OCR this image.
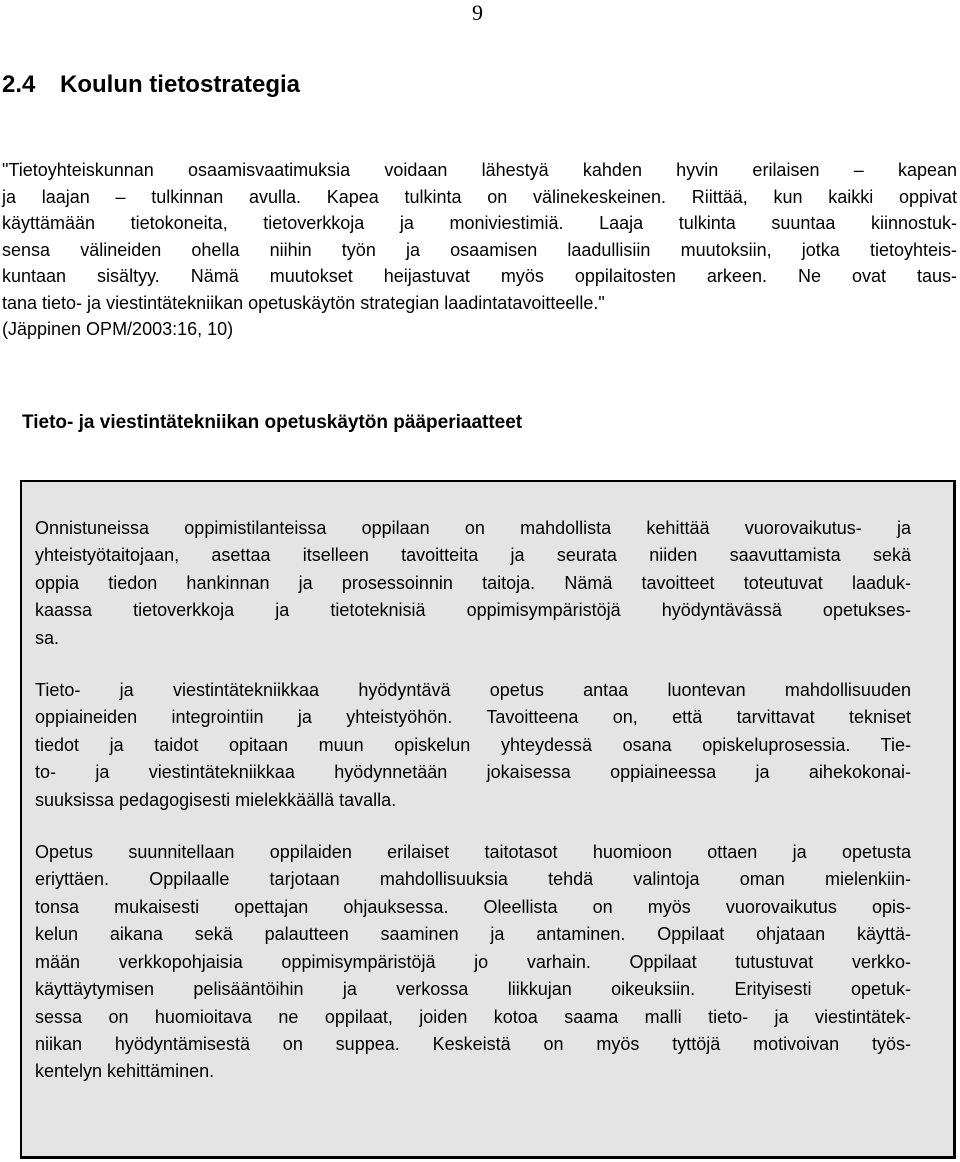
9
2.4 Koulun tietostrategia
"Tietoyhteiskunnan osaamisvaatimuksia voidaan lähestyä kahden hyvin erilaisen – kapean
ja laajan – tulkinnan avulla. Kapea tulkinta on välinekeskeinen. Riittää, kun kaikki oppivat
käyttämään tietokoneita, tietoverkkoja ja moniviestimiä. Laaja tulkinta suuntaa kiinnostuk-
sensa välineiden ohella niihin työn ja osaamisen laadullisiin muutoksiin, jotka tietoyhteis-
kuntaan sisältyy. Nämä muutokset heijastuvat myös oppilaitosten arkeen. Ne ovat taus-
tana tieto- ja viestintätekniikan opetuskäytön strategian laadintatavoitteelle."
(Jäppinen OPM/2003:16, 10)
Tieto- ja viestintätekniikan opetuskäytön pääperiaatteet

Onnistuneissa oppimistilanteissa oppilaan on mahdollista kehittää vuorovaikutus- ja
yhteistyötaitojaan, asettaa itselleen tavoitteita ja seurata niiden saavuttamista sekä
oppia tiedon hankinnan ja prosessoinnin taitoja. Nämä tavoitteet toteutuvat laaduk-
kaassa tietoverkkoja ja tietoteknisiä oppimisympäristöjä hyödyntävässä opetukses-
sa.

Tieto- ja viestintätekniikkaa hyödyntävä opetus antaa luontevan mahdollisuuden
oppiaineiden integrointiin ja yhteistyöhön. Tavoitteena on, että tarvittavat tekniset
tiedot ja taidot opitaan muun opiskelun yhteydessä osana opiskeluprosessia. Tie-
to- ja viestintätekniikkaa hyödynnetään jokaisessa oppiaineessa ja aihekokonai-
suuksissa pedagogisesti mielekkäällä tavalla.

Opetus suunnitellaan oppilaiden erilaiset taitotasot huomioon ottaen ja opetusta
eriyttäen. Oppilaalle tarjotaan mahdollisuuksia tehdä valintoja oman mielenkiin-
tonsa mukaisesti opettajan ohjauksessa. Oleellista on myös vuorovaikutus opis-
kelun aikana sekä palautteen saaminen ja antaminen. Oppilaat ohjataan käyttä-
mään verkkopohjaisia oppimisympäristöjä jo varhain. Oppilaat tutustuvat verkko-
käyttäytymisen pelisääntöihin ja verkossa liikkujan oikeuksiin. Erityisesti opetuk-
sessa on huomioitava ne oppilaat, joiden kotoa saama malli tieto- ja viestintätek-
niikan hyödyntämisestä on suppea. Keskeistä on myös tyttöjä motivoivan työs-
kentelyn kehittäminen.
